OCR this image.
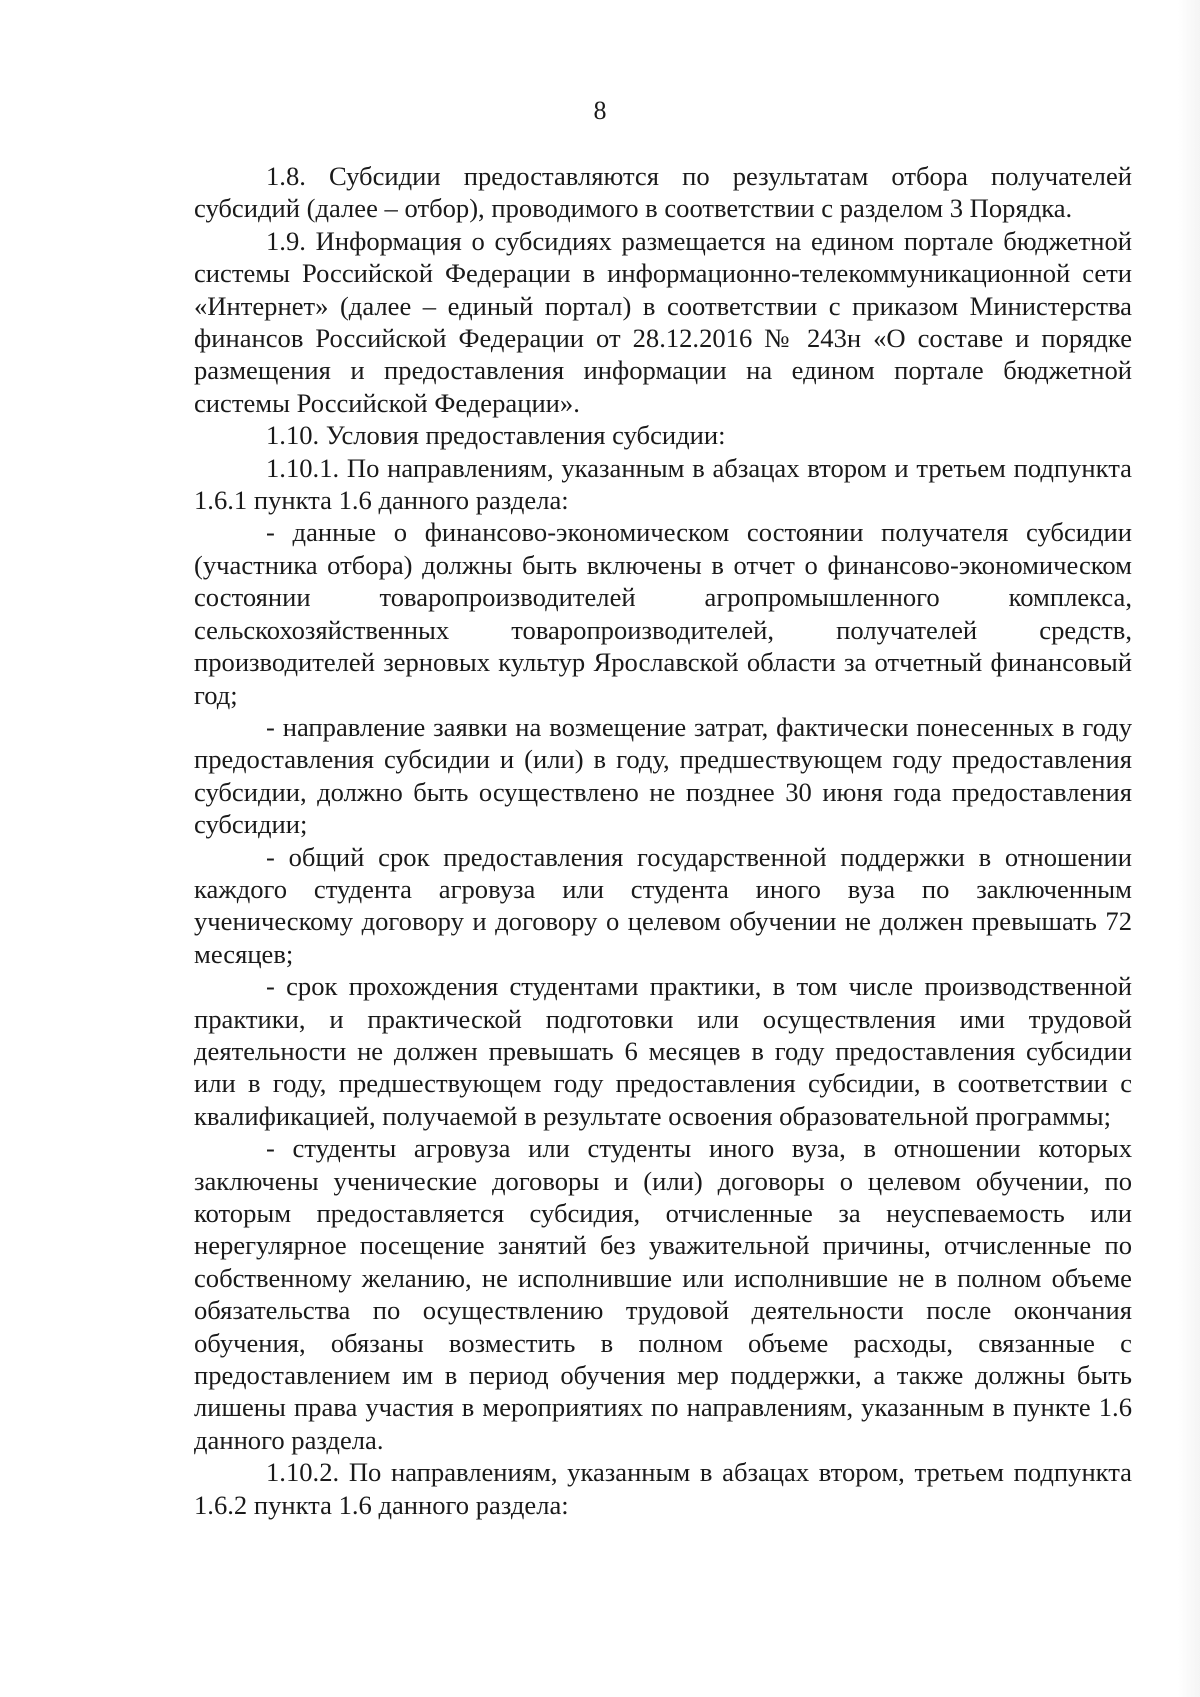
8

1.8. Субсидии предоставляются по результатам отбора получателей субсидий (далее – отбор), проводимого в соответствии с разделом 3 Порядка.

1.9. Информация о субсидиях размещается на едином портале бюджетной системы Российской Федерации в информационно-телекоммуникационной сети «Интернет» (далее – единый портал) в соответствии с приказом Министерства финансов Российской Федерации от 28.12.2016 № 243н «О составе и порядке размещения и предоставления информации на едином портале бюджетной системы Российской Федерации».

1.10. Условия предоставления субсидии:

1.10.1. По направлениям, указанным в абзацах втором и третьем подпункта 1.6.1 пункта 1.6 данного раздела:

- данные о финансово-экономическом состоянии получателя субсидии (участника отбора) должны быть включены в отчет о финансово-экономическом состоянии товаропроизводителей агропромышленного комплекса, сельскохозяйственных товаропроизводителей, получателей средств, производителей зерновых культур Ярославской области за отчетный финансовый год;

- направление заявки на возмещение затрат, фактически понесенных в году предоставления субсидии и (или) в году, предшествующем году предоставления субсидии, должно быть осуществлено не позднее 30 июня года предоставления субсидии;

- общий срок предоставления государственной поддержки в отношении каждого студента агровуза или студента иного вуза по заключенным ученическому договору и договору о целевом обучении не должен превышать 72 месяцев;

- срок прохождения студентами практики, в том числе производственной практики, и практической подготовки или осуществления ими трудовой деятельности не должен превышать 6 месяцев в году предоставления субсидии или в году, предшествующем году предоставления субсидии, в соответствии с квалификацией, получаемой в результате освоения образовательной программы;

- студенты агровуза или студенты иного вуза, в отношении которых заключены ученические договоры и (или) договоры о целевом обучении, по которым предоставляется субсидия, отчисленные за неуспеваемость или нерегулярное посещение занятий без уважительной причины, отчисленные по собственному желанию, не исполнившие или исполнившие не в полном объеме обязательства по осуществлению трудовой деятельности после окончания обучения, обязаны возместить в полном объеме расходы, связанные с предоставлением им в период обучения мер поддержки, а также должны быть лишены права участия в мероприятиях по направлениям, указанным в пункте 1.6 данного раздела.

1.10.2. По направлениям, указанным в абзацах втором, третьем подпункта 1.6.2 пункта 1.6 данного раздела:
